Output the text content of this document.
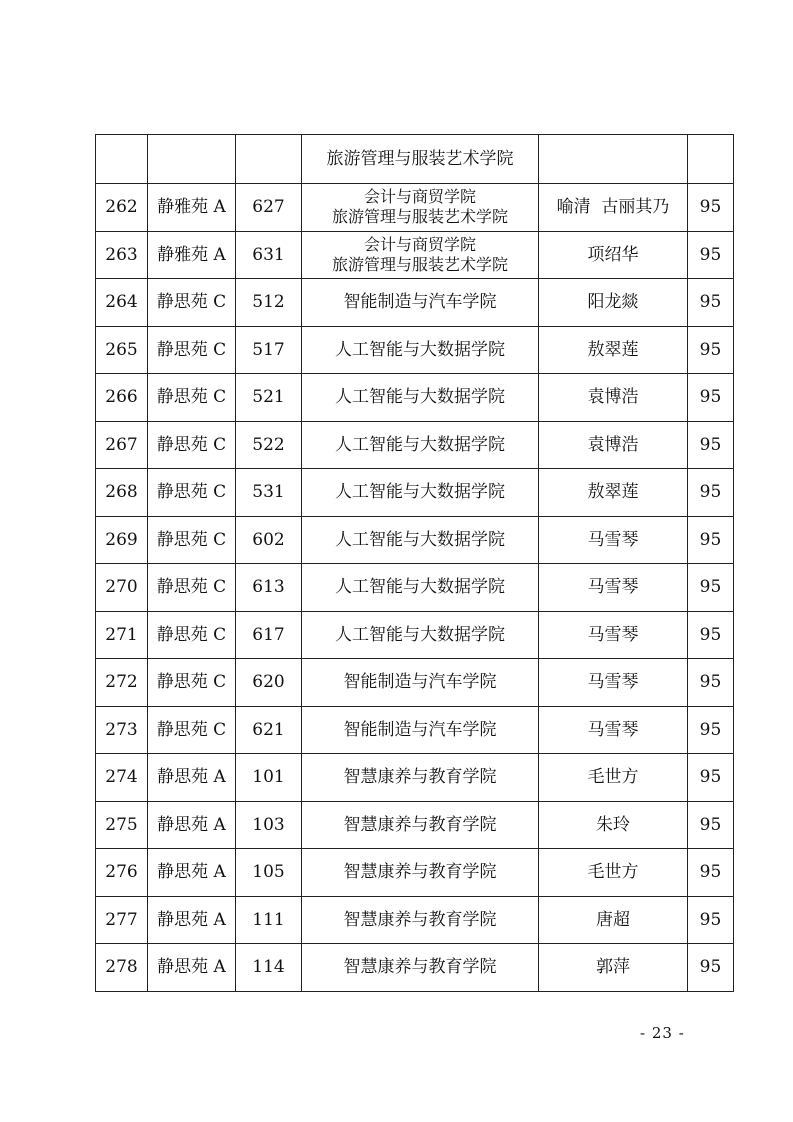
			旅游管理与服装艺术学院		
262	静雅苑 A	627	会计与商贸学院
旅游管理与服装艺术学院	喻清  古丽其乃	95
263	静雅苑 A	631	会计与商贸学院
旅游管理与服装艺术学院	项绍华	95
264	静思苑 C	512	智能制造与汽车学院	阳龙燚	95
265	静思苑 C	517	人工智能与大数据学院	敖翠莲	95
266	静思苑 C	521	人工智能与大数据学院	袁博浩	95
267	静思苑 C	522	人工智能与大数据学院	袁博浩	95
268	静思苑 C	531	人工智能与大数据学院	敖翠莲	95
269	静思苑 C	602	人工智能与大数据学院	马雪琴	95
270	静思苑 C	613	人工智能与大数据学院	马雪琴	95
271	静思苑 C	617	人工智能与大数据学院	马雪琴	95
272	静思苑 C	620	智能制造与汽车学院	马雪琴	95
273	静思苑 C	621	智能制造与汽车学院	马雪琴	95
274	静思苑 A	101	智慧康养与教育学院	毛世方	95
275	静思苑 A	103	智慧康养与教育学院	朱玲	95
276	静思苑 A	105	智慧康养与教育学院	毛世方	95
277	静思苑 A	111	智慧康养与教育学院	唐超	95
278	静思苑 A	114	智慧康养与教育学院	郭萍	95
- 23 -
